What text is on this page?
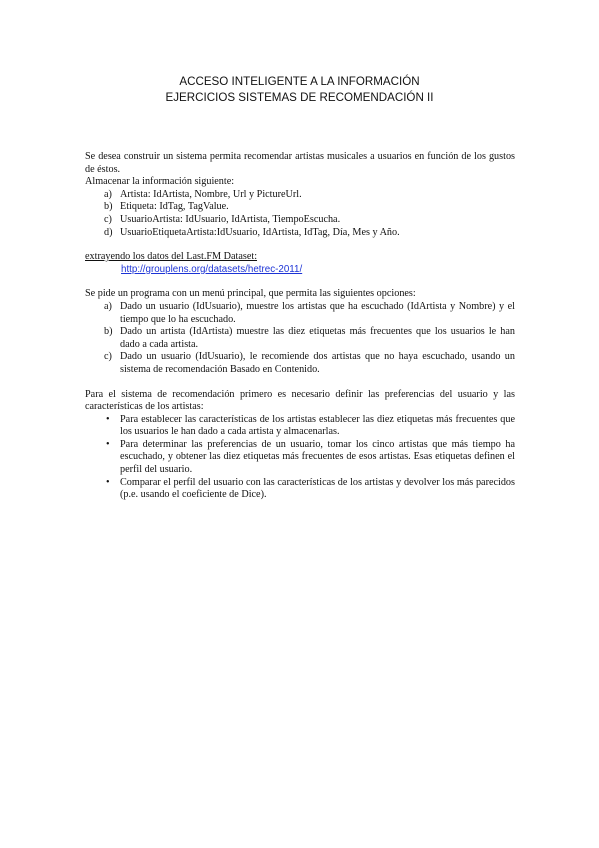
ACCESO INTELIGENTE A LA INFORMACIÓN
EJERCICIOS SISTEMAS DE RECOMENDACIÓN II

Se desea construir un sistema permita recomendar artistas musicales a usuarios en función de los gustos de éstos.

Almacenar la información siguiente:

a) Artista: IdArtista, Nombre, Url y PictureUrl.
b) Etiqueta: IdTag, TagValue.
c) UsuarioArtista: IdUsuario, IdArtista, TiempoEscucha.
d) UsuarioEtiquetaArtista:IdUsuario, IdArtista, IdTag, Día, Mes y Año.

extrayendo los datos del Last.FM Dataset:

http://grouplens.org/datasets/hetrec-2011/

Se pide un programa con un menú principal, que permita las siguientes opciones:

a) Dado un usuario (IdUsuario), muestre los artistas que ha escuchado (IdArtista y Nombre) y el tiempo que lo ha escuchado.
b) Dado un artista (IdArtista) muestre las diez etiquetas más frecuentes que los usuarios le han dado a cada artista.
c) Dado un usuario (IdUsuario), le recomiende dos artistas que no haya escuchado, usando un sistema de recomendación Basado en Contenido.

Para el sistema de recomendación primero es necesario definir las preferencias del usuario y las características de los artistas:

• Para establecer las características de los artistas establecer las diez etiquetas más frecuentes que los usuarios le han dado a cada artista y almacenarlas.
• Para determinar las preferencias de un usuario, tomar los cinco artistas que más tiempo ha escuchado, y obtener las diez etiquetas más frecuentes de esos artistas. Esas etiquetas definen el perfil del usuario.
• Comparar el perfil del usuario con las características de los artistas y devolver los más parecidos (p.e. usando el coeficiente de Dice).
